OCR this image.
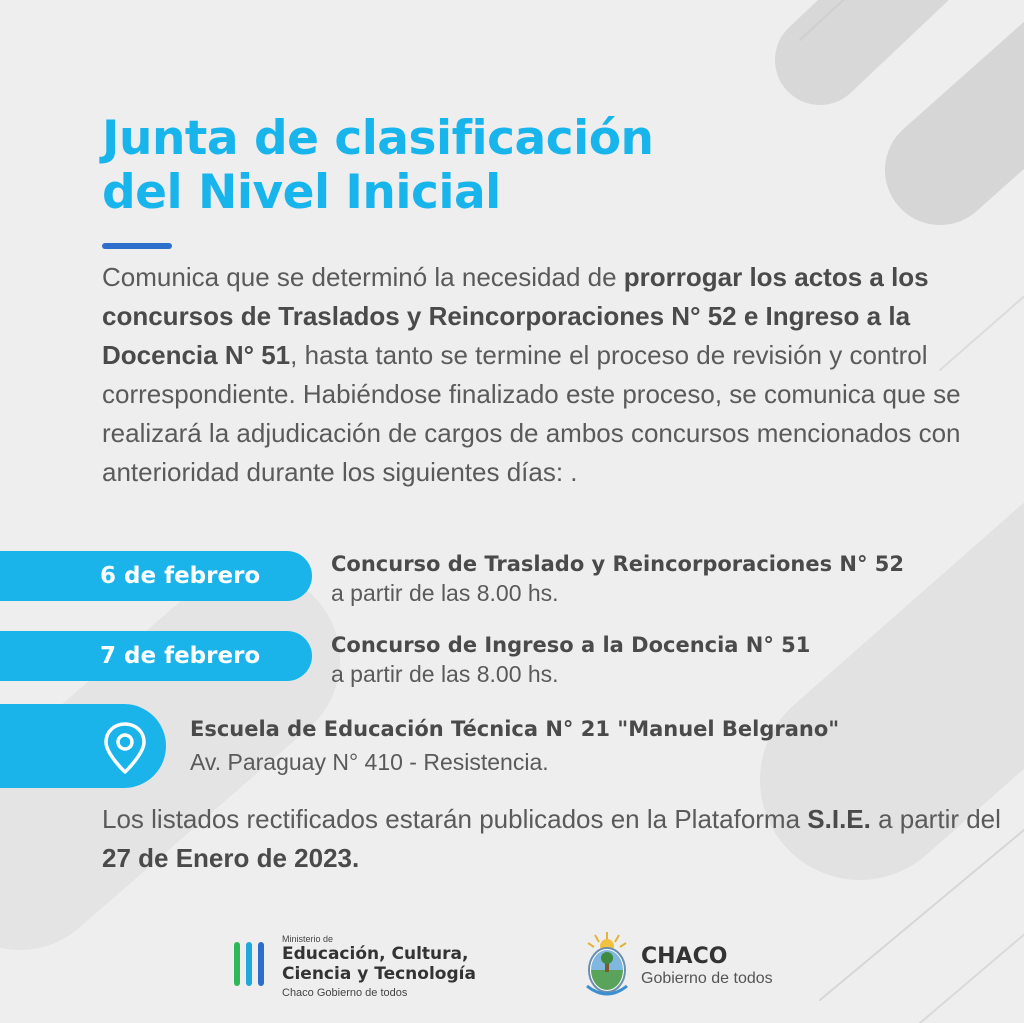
Junta de clasificación
del Nivel Inicial

Comunica que se determinó la necesidad de prorrogar los actos a los concursos de Traslados y Reincorporaciones N° 52 e Ingreso a la Docencia N° 51, hasta tanto se termine el proceso de revisión y control correspondiente. Habiéndose finalizado este proceso, se comunica que se realizará la adjudicación de cargos de ambos concursos mencionados con anterioridad durante los siguientes días: .

6 de febrero	Concurso de Traslado y Reincorporaciones N° 52
a partir de las 8.00 hs.
7 de febrero	Concurso de Ingreso a la Docencia N° 51
a partir de las 8.00 hs.
Escuela de Educación Técnica N° 21 "Manuel Belgrano"
Av. Paraguay N° 410 - Resistencia.

Los listados rectificados estarán publicados en la Plataforma S.I.E. a partir del 27 de Enero de 2023.

Ministerio de
Educación, Cultura,
Ciencia y Tecnología
Chaco Gobierno de todos
CHACO
Gobierno de todos
